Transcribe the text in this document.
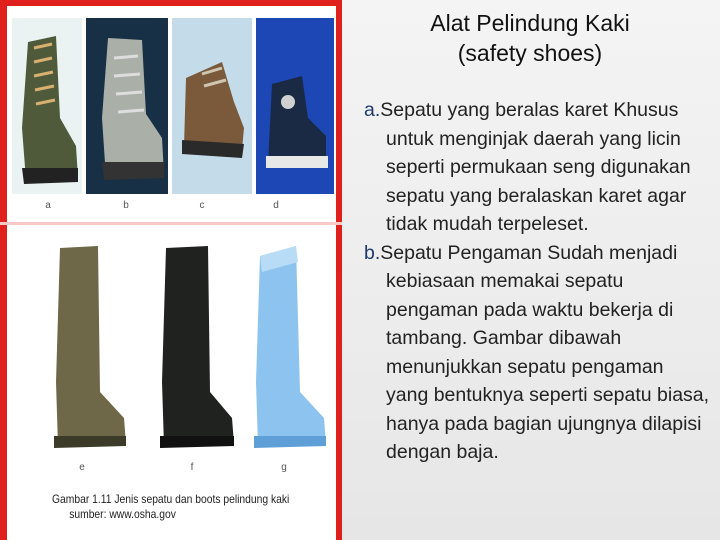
a	b	c	d
e	f	g
Gambar 1.11 Jenis sepatu dan boots pelindung kaki
sumber: www.osha.gov
Alat Pelindung Kaki
(safety shoes)

a.Sepatu yang beralas karet Khusus untuk menginjak daerah yang licin seperti permukaan seng digunakan sepatu yang beralaskan karet agar tidak mudah terpeleset.

b.Sepatu Pengaman Sudah menjadi kebiasaan memakai sepatu pengaman pada waktu bekerja di tambang. Gambar dibawah menunjukkan sepatu pengaman yang bentuknya seperti sepatu biasa, hanya pada bagian ujungnya dilapisi dengan baja.
